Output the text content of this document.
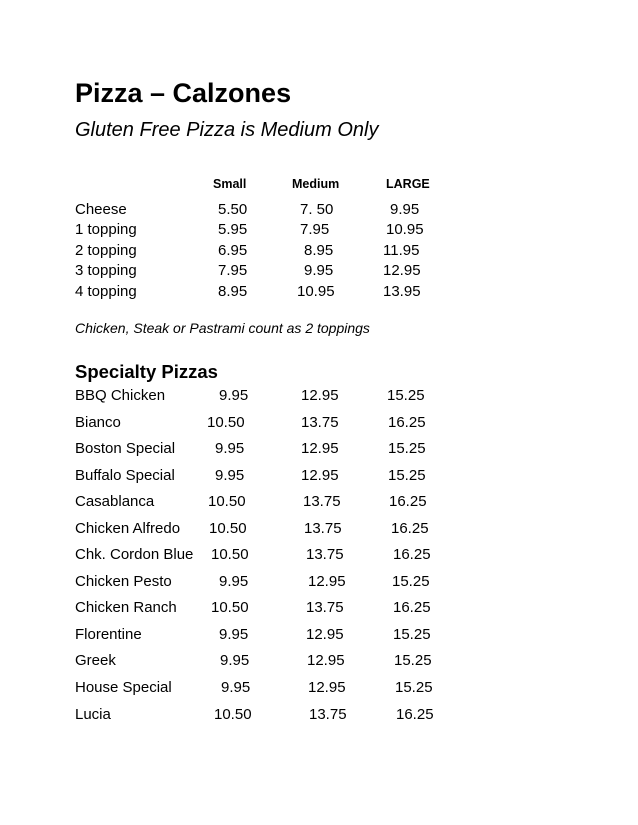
Pizza – Calzones
Gluten Free Pizza is Medium Only
Small	Medium	LARGE
Cheese	5.50	7. 50	9.95
1 topping	5.95	7.95	10.95
2 topping	6.95	8.95	11.95
3 topping	7.95	9.95	12.95
4 topping	8.95	10.95	13.95
Chicken, Steak or Pastrami count as 2 toppings
Specialty Pizzas
BBQ Chicken	9.95	12.95	15.25
Bianco	10.50	13.75	16.25
Boston Special	9.95	12.95	15.25
Buffalo Special	9.95	12.95	15.25
Casablanca	10.50	13.75	16.25
Chicken Alfredo 10.50	13.75	16.25
Chk. Cordon Blue 10.50	13.75	16.25
Chicken Pesto	9.95	12.95	15.25
Chicken Ranch 10.50	13.75	16.25
Florentine	9.95	12.95	15.25
Greek	9.95	12.95	15.25
House Special	9.95	12.95	15.25
Lucia	10.50	13.75	16.25
